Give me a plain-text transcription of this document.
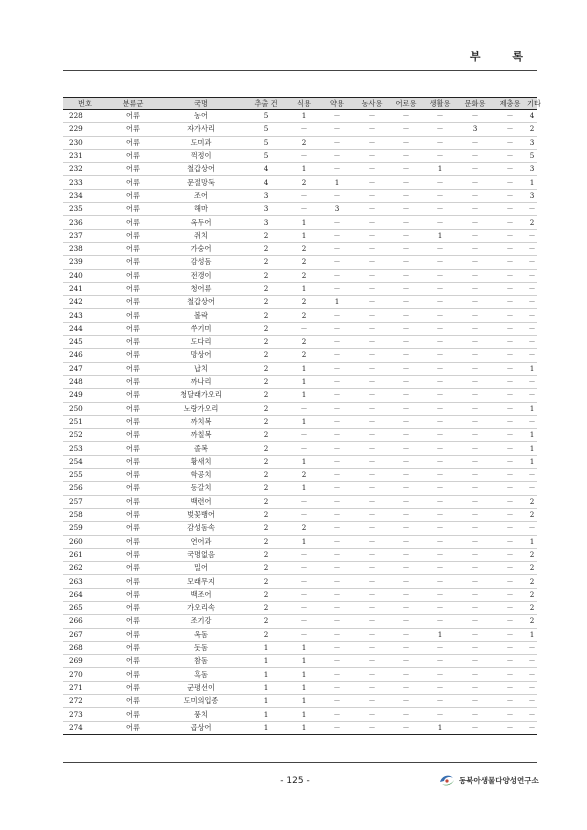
부 록
번호	분류군	국명	추출 건	식용	약용	농사용	어로용	생활용	문화용	제충용	기타
228	어류	농어	5	1	－	－	－	－	－	－	4
229	어류	자가사리	5	－	－	－	－	－	3	－	2
230	어류	도미과	5	2	－	－	－	－	－	－	3
231	어류	꺽정이	5	－	－	－	－	－	－	－	5
232	어류	철갑상어	4	1	－	－	－	1	－	－	3
233	어류	문절망둑	4	2	1	－	－	－	－	－	1
234	어류	조어	3	－	－	－	－	－	－	－	3
235	어류	해마	3	－	3	－	－	－	－	－	－
236	어류	옥두어	3	1	－	－	－	－	－	－	2
237	어류	쥐치	2	1	－	－	－	1	－	－	－
238	어류	가숭어	2	2	－	－	－	－	－	－	－
239	어류	감성돔	2	2	－	－	－	－	－	－	－
240	어류	전갱이	2	2	－	－	－	－	－	－	－
241	어류	청어류	2	1	－	－	－	－	－	－	－
242	어류	철갑상어	2	2	1	－	－	－	－	－	－
243	어류	볼락	2	2	－	－	－	－	－	－	－
244	어류	쑤기미	2	－	－	－	－	－	－	－	－
245	어류	도다리	2	2	－	－	－	－	－	－	－
246	어류	망상어	2	2	－	－	－	－	－	－	－
247	어류	납치	2	1	－	－	－	－	－	－	1
248	어류	까나리	2	1	－	－	－	－	－	－	－
249	어류	청달래가오리	2	1	－	－	－	－	－	－	－
250	어류	노랑가오리	2	－	－	－	－	－	－	－	1
251	어류	까치복	2	1	－	－	－	－	－	－	－
252	어류	까칠복	2	－	－	－	－	－	－	－	1
253	어류	졸복	2	－	－	－	－	－	－	－	1
254	어류	황새치	2	1	－	－	－	－	－	－	1
255	어류	학공치	2	2	－	－	－	－	－	－	－
256	어류	동갈치	2	1	－	－	－	－	－	－	－
257	어류	백련어	2	－	－	－	－	－	－	－	2
258	어류	벚꽃뱅어	2	－	－	－	－	－	－	－	2
259	어류	감성돔속	2	2	－	－	－	－	－	－	－
260	어류	연어과	2	1	－	－	－	－	－	－	1
261	어류	국명없음	2	－	－	－	－	－	－	－	2
262	어류	밀어	2	－	－	－	－	－	－	－	2
263	어류	모래무지	2	－	－	－	－	－	－	－	2
264	어류	백조어	2	－	－	－	－	－	－	－	2
265	어류	가오리속	2	－	－	－	－	－	－	－	2
266	어류	조기강	2	－	－	－	－	－	－	－	2
267	어류	옥돔	2	－	－	－	－	1	－	－	1
268	어류	돗돔	1	1	－	－	－	－	－	－	－
269	어류	참돔	1	1	－	－	－	－	－	－	－
270	어류	흑돔	1	1	－	－	－	－	－	－	－
271	어류	군평선이	1	1	－	－	－	－	－	－	－
272	어류	도미의입종	1	1	－	－	－	－	－	－	－
273	어류	풍치	1	1	－	－	－	－	－	－	－
274	어류	곱상어	1	1	－	－	－	1	－	－	－
- 125 -	동북아생물다양성연구소
